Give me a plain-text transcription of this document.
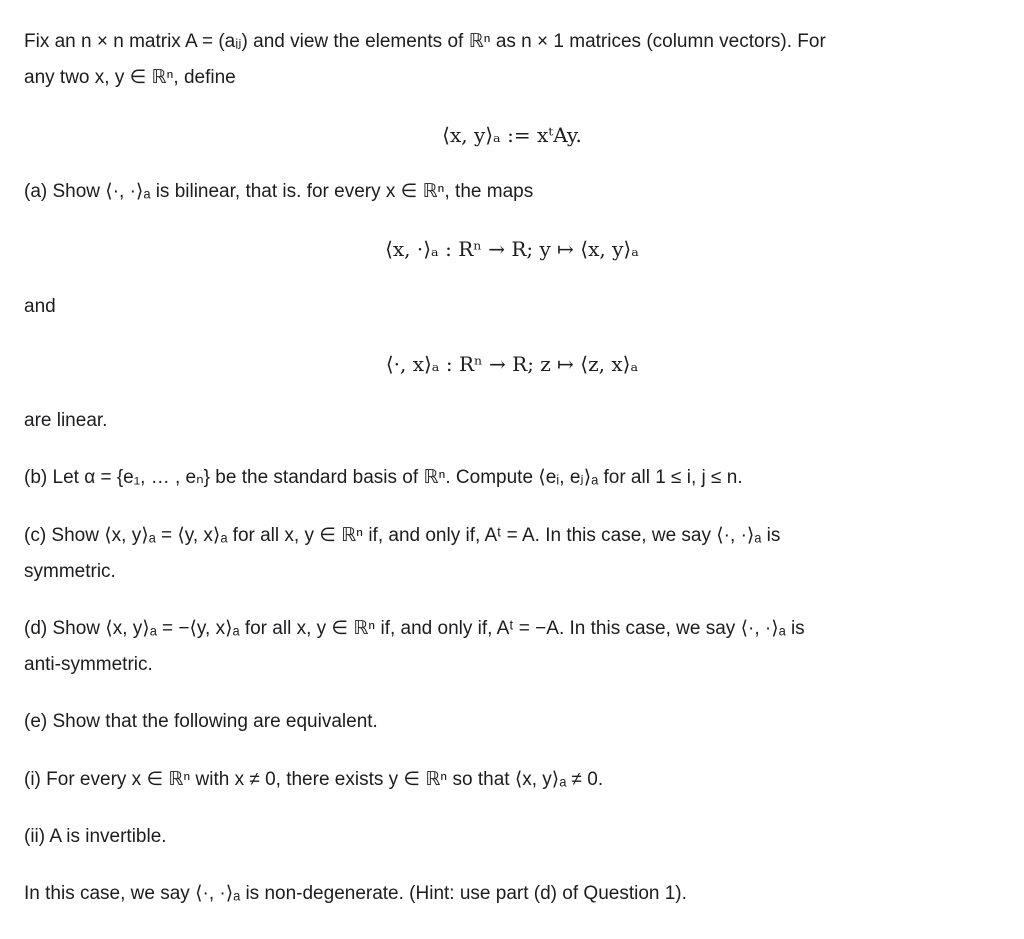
Fix an n × n matrix A = (aᵢⱼ) and view the elements of ℝⁿ as n × 1 matrices (column vectors). For
any two x, y ∈ ℝⁿ, define
⟨x, y⟩ₐ := xᵗAy.
(a) Show ⟨·, ·⟩ₐ is bilinear, that is. for every x ∈ ℝⁿ, the maps
⟨x, ·⟩ₐ : Rⁿ → R; y ↦ ⟨x, y⟩ₐ
and
⟨·, x⟩ₐ : Rⁿ → R; z ↦ ⟨z, x⟩ₐ
are linear.
(b) Let α = {e₁, … , eₙ} be the standard basis of ℝⁿ. Compute ⟨eᵢ, eⱼ⟩ₐ for all 1 ≤ i, j ≤ n.
(c) Show ⟨x, y⟩ₐ = ⟨y, x⟩ₐ for all x, y ∈ ℝⁿ if, and only if, Aᵗ = A. In this case, we say ⟨·, ·⟩ₐ is
symmetric.
(d) Show ⟨x, y⟩ₐ = −⟨y, x⟩ₐ for all x, y ∈ ℝⁿ if, and only if, Aᵗ = −A. In this case, we say ⟨·, ·⟩ₐ is
anti-symmetric.
(e) Show that the following are equivalent.
(i) For every x ∈ ℝⁿ with x ≠ 0, there exists y ∈ ℝⁿ so that ⟨x, y⟩ₐ ≠ 0.
(ii) A is invertible.
In this case, we say ⟨·, ·⟩ₐ is non-degenerate. (Hint: use part (d) of Question 1).
